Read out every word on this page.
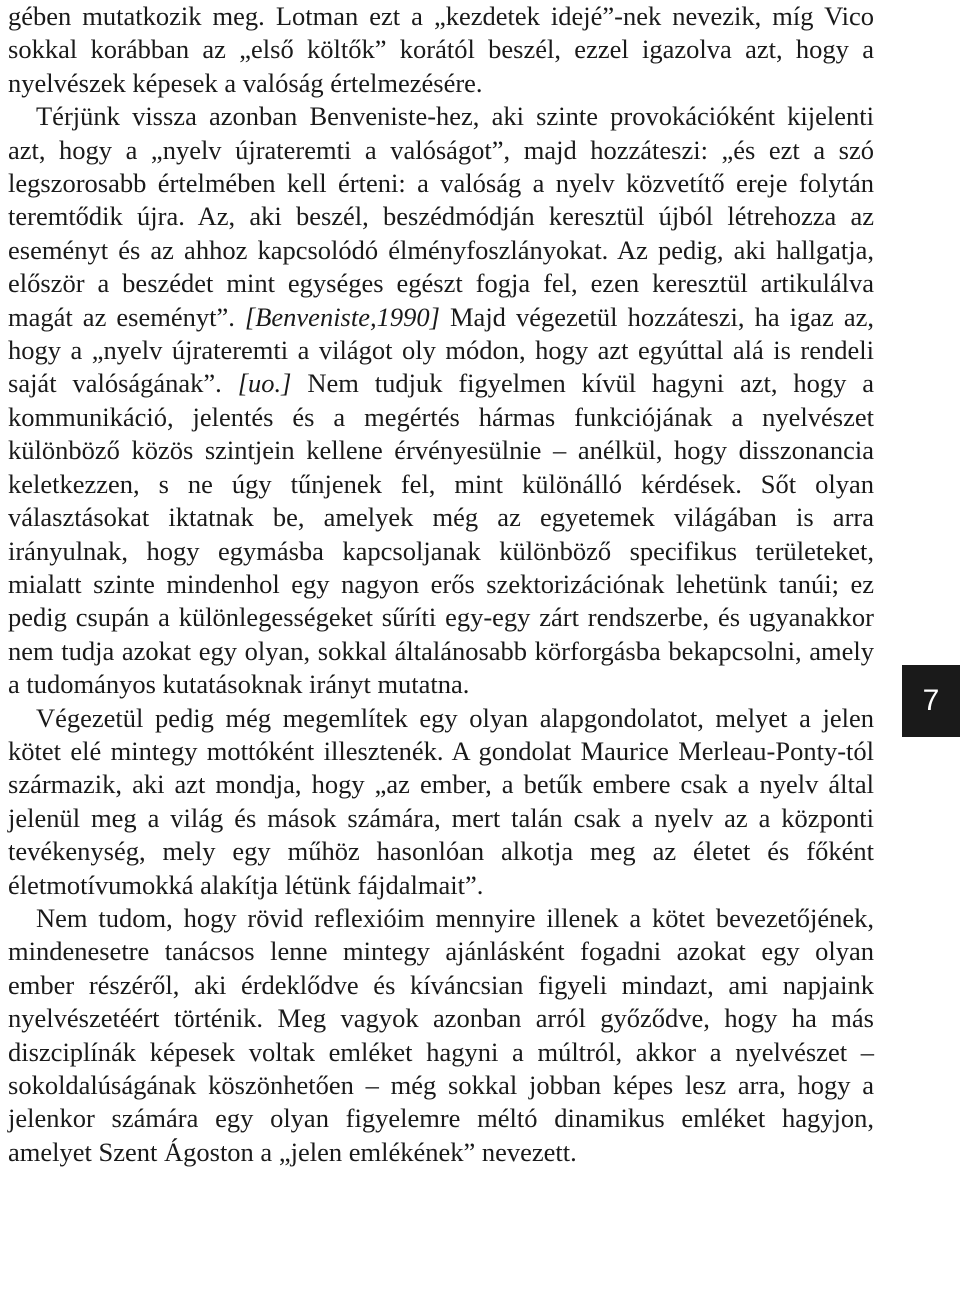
gében mutatkozik meg. Lotman ezt a „kezdetek idejé”-nek nevezik, míg Vico sokkal korábban az „első költők” korától beszél, ezzel igazolva azt, hogy a nyelvészek képesek a valóság értelmezésére.

Térjünk vissza azonban Benveniste-hez, aki szinte provokációként kijelenti azt, hogy a „nyelv újrateremti a valóságot”, majd hozzáteszi: „és ezt a szó legszorosabb értelmében kell érteni: a valóság a nyelv közvetítő ereje folytán teremtődik újra. Az, aki beszél, beszédmódján keresztül újból létrehozza az eseményt és az ahhoz kapcsolódó élményfoszlányokat. Az pedig, aki hallgatja, először a beszédet mint egységes egészt fogja fel, ezen keresztül artikulálva magát az eseményt”. [Benveniste,1990] Majd végezetül hozzáteszi, ha igaz az, hogy a „nyelv újrateremti a világot oly módon, hogy azt egyúttal alá is rendeli saját valóságának”. [uo.] Nem tudjuk figyelmen kívül hagyni azt, hogy a kommunikáció, jelentés és a megértés hármas funkciójának a nyelvészet különböző közös szintjein kellene érvényesülnie – anélkül, hogy disszonancia keletkezzen, s ne úgy tűnjenek fel, mint különálló kérdések. Sőt olyan választásokat iktatnak be, amelyek még az egyetemek világában is arra irányulnak, hogy egymásba kapcsoljanak különböző specifikus területeket, mialatt szinte mindenhol egy nagyon erős szektorizációnak lehetünk tanúi; ez pedig csupán a különlegességeket sűríti egy-egy zárt rendszerbe, és ugyanakkor nem tudja azokat egy olyan, sokkal általánosabb körforgásba bekapcsolni, amely a tudományos kutatásoknak irányt mutatna.

Végezetül pedig még megemlítek egy olyan alapgondolatot, melyet a jelen kötet elé mintegy mottóként illesztenék. A gondolat Maurice Merleau-Ponty-tól származik, aki azt mondja, hogy „az ember, a betűk embere csak a nyelv által jelenül meg a világ és mások számára, mert talán csak a nyelv az a központi tevékenység, mely egy műhöz hasonlóan alkotja meg az életet és főként életmotívumokká alakítja létünk fájdalmait”.

Nem tudom, hogy rövid reflexióim mennyire illenek a kötet bevezetőjének, mindenesetre tanácsos lenne mintegy ajánlásként fogadni azokat egy olyan ember részéről, aki érdeklődve és kíváncsian figyeli mindazt, ami napjaink nyelvészetéért történik. Meg vagyok azonban arról győződve, hogy ha más diszciplínák képesek voltak emléket hagyni a múltról, akkor a nyelvészet – sokoldalúságának köszönhetően – még sokkal jobban képes lesz arra, hogy a jelenkor számára egy olyan figyelemre méltó dinamikus emléket hagyjon, amelyet Szent Ágoston a „jelen emlékének” nevezett.

7
